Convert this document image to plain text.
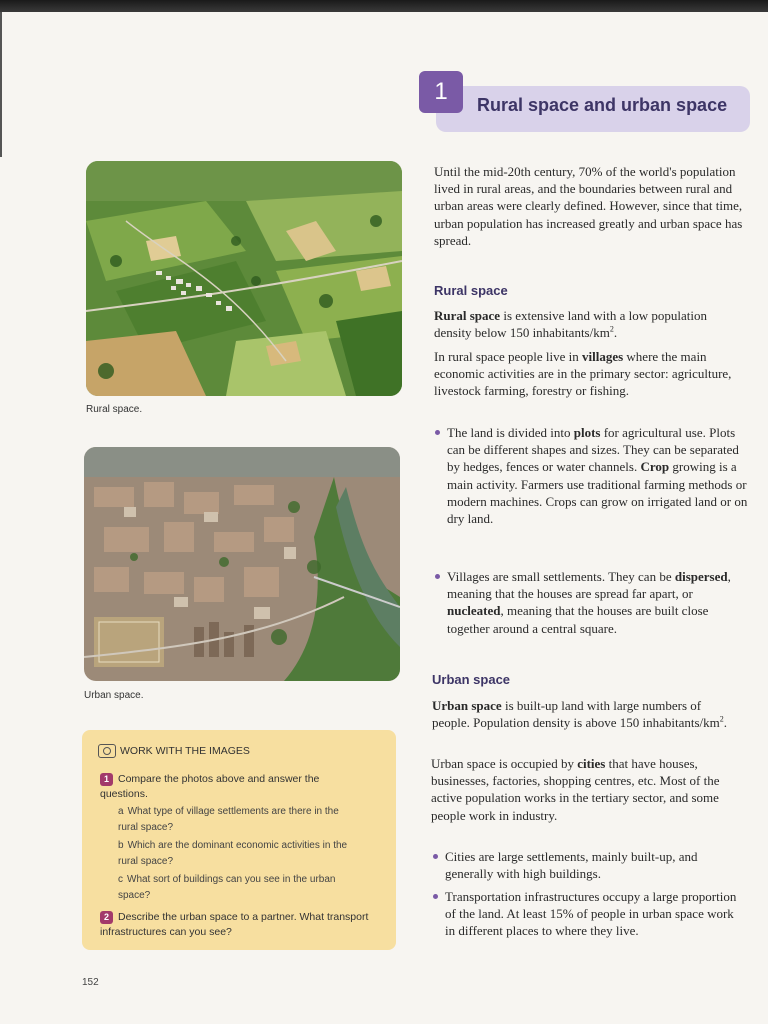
1	Rural space and urban space
Rural space.
Urban space.
WORK WITH THE IMAGES
1 Compare the photos above and answer the questions.
a What type of village settlements are there in the rural space?
b Which are the dominant economic activities in the rural space?
c What sort of buildings can you see in the urban space?
2 Describe the urban space to a partner. What transport infrastructures can you see?
152
Until the mid-20th century, 70% of the world's population lived in rural areas, and the boundaries between rural and urban areas were clearly defined. However, since that time, urban population has increased greatly and urban space has spread.
Rural space
Rural space is extensive land with a low population density below 150 inhabitants/$km^2$.
In rural space people live in villages where the main economic activities are in the primary sector: agriculture, livestock farming, forestry or fishing.
The land is divided into plots for agricultural use. Plots can be different shapes and sizes. They can be separated by hedges, fences or water channels. Crop growing is a main activity. Farmers use traditional farming methods or modern machines. Crops can grow on irrigated land or on dry land.
Villages are small settlements. They can be dispersed, meaning that the houses are spread far apart, or nucleated, meaning that the houses are built close together around a central square.
Urban space
Urban space is built-up land with large numbers of people. Population density is above 150 inhabitants/$km^2$.
Urban space is occupied by cities that have houses, businesses, factories, shopping centres, etc. Most of the active population works in the tertiary sector, and some people work in industry.
Cities are large settlements, mainly built-up, and generally with high buildings.
Transportation infrastructures occupy a large proportion of the land. At least 15% of people in urban space work in different places to where they live.
